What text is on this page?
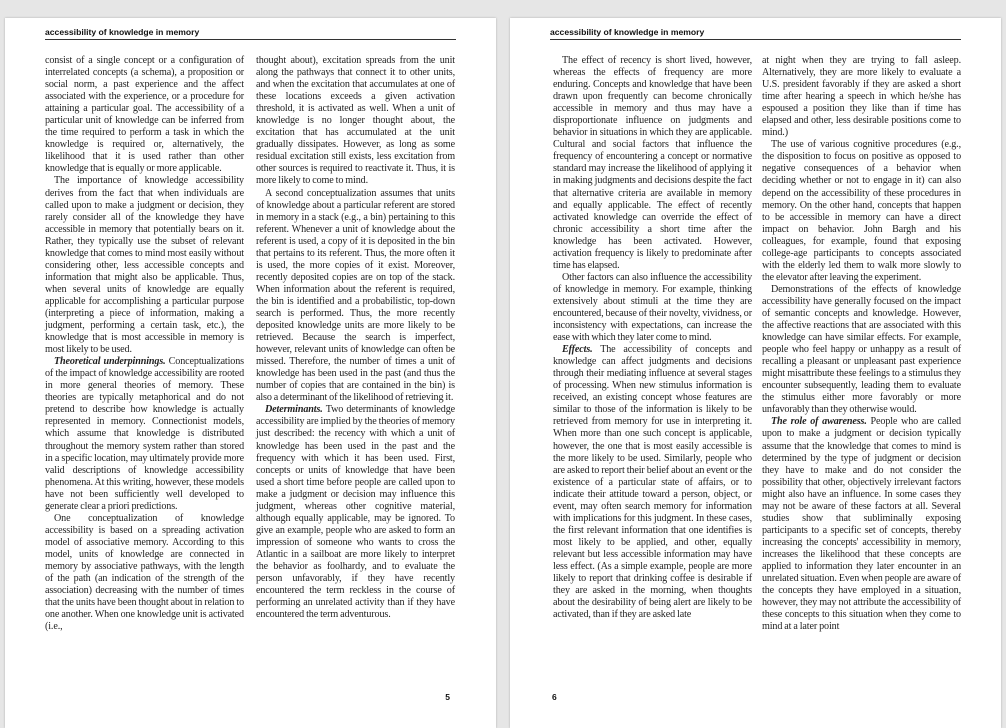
accessibility of knowledge in memory

consist of a single concept or a configuration of interrelated concepts (a schema), a proposition or social norm, a past experience and the affect associated with the experience, or a procedure for attaining a particular goal. The accessibility of a particular unit of knowledge can be inferred from the time required to perform a task in which the knowledge is required or, alternatively, the likelihood that it is used rather than other knowledge that is equally or more applicable.

The importance of knowledge accessibility derives from the fact that when individuals are called upon to make a judgment or decision, they rarely consider all of the knowledge they have accessible in memory that potentially bears on it. Rather, they typically use the subset of relevant knowledge that comes to mind most easily without considering other, less accessible concepts and information that might also be applicable. Thus, when several units of knowledge are equally applicable for accomplishing a particular purpose (interpreting a piece of information, making a judgment, performing a certain task, etc.), the knowledge that is most accessible in memory is most likely to be used.

Theoretical underpinnings. Conceptualizations of the impact of knowledge accessibility are rooted in more general theories of memory. These theories are typically metaphorical and do not pretend to describe how knowledge is actually represented in memory. Connectionist models, which assume that knowledge is distributed throughout the memory system rather than stored in a specific location, may ultimately provide more valid descriptions of knowledge accessibility phenomena. At this writing, however, these models have not been sufficiently well developed to generate clear a priori predictions.

One conceptualization of knowledge accessibility is based on a spreading activation model of associative memory. According to this model, units of knowledge are connected in memory by associative pathways, with the length of the path (an indication of the strength of the association) decreasing with the number of times that the units have been thought about in relation to one another. When one knowledge unit is activated (i.e.,

thought about), excitation spreads from the unit along the pathways that connect it to other units, and when the excitation that accumulates at one of these locations exceeds a given activation threshold, it is activated as well. When a unit of knowledge is no longer thought about, the excitation that has accumulated at the unit gradually dissipates. However, as long as some residual excitation still exists, less excitation from other sources is required to reactivate it. Thus, it is more likely to come to mind.

A second conceptualization assumes that units of knowledge about a particular referent are stored in memory in a stack (e.g., a bin) pertaining to this referent. Whenever a unit of knowledge about the referent is used, a copy of it is deposited in the bin that pertains to its referent. Thus, the more often it is used, the more copies of it exist. Moreover, recently deposited copies are on top of the stack. When information about the referent is required, the bin is identified and a probabilistic, top-down search is performed. Thus, the more recently deposited knowledge units are more likely to be retrieved. Because the search is imperfect, however, relevant units of knowledge can often be missed. Therefore, the number of times a unit of knowledge has been used in the past (and thus the number of copies that are contained in the bin) is also a determinant of the likelihood of retrieving it.

Determinants. Two determinants of knowledge accessibility are implied by the theories of memory just described: the recency with which a unit of knowledge has been used in the past and the frequency with which it has been used. First, concepts or units of knowledge that have been used a short time before people are called upon to make a judgment or decision may influence this judgment, whereas other cognitive material, although equally applicable, may be ignored. To give an example, people who are asked to form an impression of someone who wants to cross the Atlantic in a sailboat are more likely to interpret the behavior as foolhardy, and to evaluate the person unfavorably, if they have recently encountered the term reckless in the course of performing an unrelated activity than if they have encountered the term adventurous.

5
accessibility of knowledge in memory

The effect of recency is short lived, however, whereas the effects of frequency are more enduring. Concepts and knowledge that have been drawn upon frequently can become chronically accessible in memory and thus may have a disproportionate influence on judgments and behavior in situations in which they are applicable. Cultural and social factors that influence the frequency of encountering a concept or normative standard may increase the likelihood of applying it in making judgments and decisions despite the fact that alternative criteria are available in memory and equally applicable. The effect of recently activated knowledge can override the effect of chronic accessibility a short time after the knowledge has been activated. However, activation frequency is likely to predominate after time has elapsed.

Other factors can also influence the accessibility of knowledge in memory. For example, thinking extensively about stimuli at the time they are encountered, because of their novelty, vividness, or inconsistency with expectations, can increase the ease with which they later come to mind.

Effects. The accessibility of concepts and knowledge can affect judgments and decisions through their mediating influence at several stages of processing. When new stimulus information is received, an existing concept whose features are similar to those of the information is likely to be retrieved from memory for use in interpreting it. When more than one such concept is applicable, however, the one that is most easily accessible is the more likely to be used. Similarly, people who are asked to report their belief about an event or the existence of a particular state of affairs, or to indicate their attitude toward a person, object, or event, may often search memory for information with implications for this judgment. In these cases, the first relevant information that one identifies is most likely to be applied, and other, equally relevant but less accessible information may have less effect. (As a simple example, people are more likely to report that drinking coffee is desirable if they are asked in the morning, when thoughts about the desirability of being alert are likely to be activated, than if they are asked late

at night when they are trying to fall asleep. Alternatively, they are more likely to evaluate a U.S. president favorably if they are asked a short time after hearing a speech in which he/she has espoused a position they like than if time has elapsed and other, less desirable positions come to mind.)

The use of various cognitive procedures (e.g., the disposition to focus on positive as opposed to negative consequences of a behavior when deciding whether or not to engage in it) can also depend on the accessibility of these procedures in memory. On the other hand, concepts that happen to be accessible in memory can have a direct impact on behavior. John Bargh and his colleagues, for example, found that exposing college-age participants to concepts associated with the elderly led them to walk more slowly to the elevator after leaving the experiment.

Demonstrations of the effects of knowledge accessibility have generally focused on the impact of semantic concepts and knowledge. However, the affective reactions that are associated with this knowledge can have similar effects. For example, people who feel happy or unhappy as a result of recalling a pleasant or unpleasant past experience might misattribute these feelings to a stimulus they encounter subsequently, leading them to evaluate the stimulus either more favorably or more unfavorably than they otherwise would.

The role of awareness. People who are called upon to make a judgment or decision typically assume that the knowledge that comes to mind is determined by the type of judgment or decision they have to make and do not consider the possibility that other, objectively irrelevant factors might also have an influence. In some cases they may not be aware of these factors at all. Several studies show that subliminally exposing participants to a specific set of concepts, thereby increasing the concepts' accessibility in memory, increases the likelihood that these concepts are applied to information they later encounter in an unrelated situation. Even when people are aware of the concepts they have employed in a situation, however, they may not attribute the accessibility of these concepts to this situation when they come to mind at a later point

6
